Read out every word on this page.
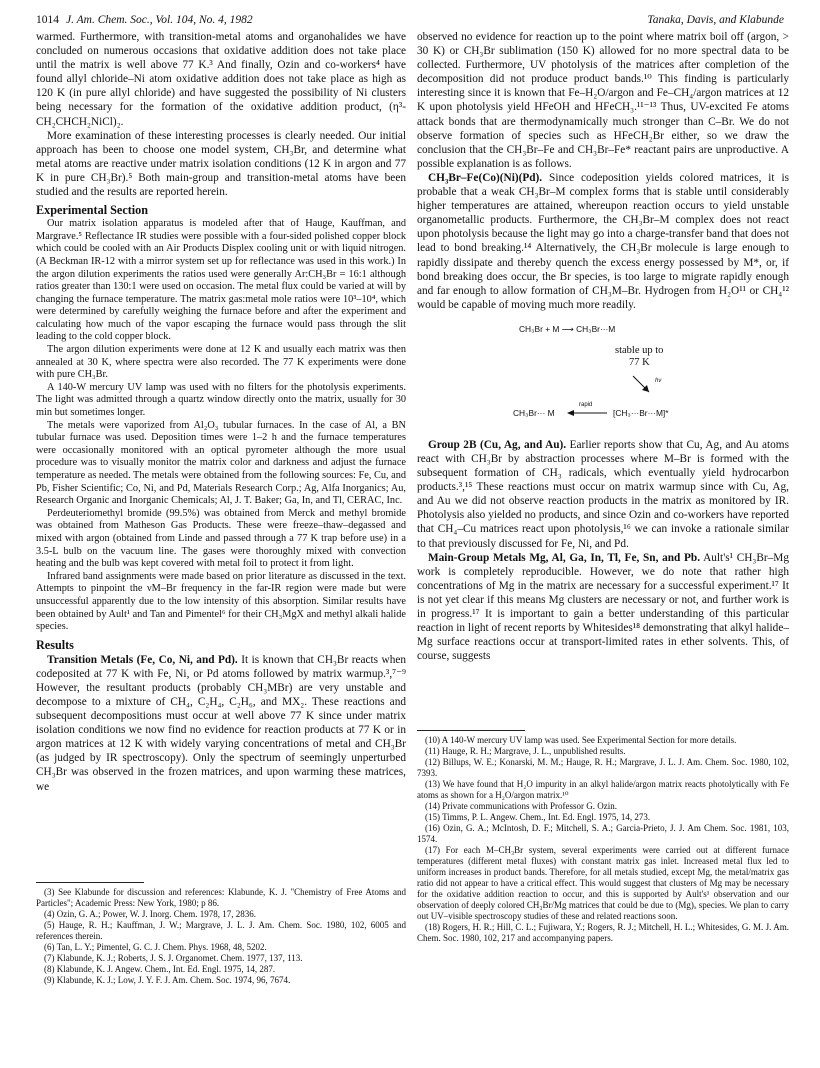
1014 J. Am. Chem. Soc., Vol. 104, No. 4, 1982	Tanaka, Davis, and Klabunde

warmed. Furthermore, with transition-metal atoms and organohalides we have concluded on numerous occasions that oxidative addition does not take place until the matrix is well above 77 K.³ And finally, Ozin and co-workers⁴ have found allyl chloride–Ni atom oxidative addition does not take place as high as 120 K (in pure allyl chloride) and have suggested the possibility of Ni clusters being necessary for the formation of the oxidative addition product, (η³-CH₂CHCH₂NiCl)₂.

More examination of these interesting processes is clearly needed. Our initial approach has been to choose one model system, CH₃Br, and determine what metal atoms are reactive under matrix isolation conditions (12 K in argon and 77 K in pure CH₃Br).⁵ Both main-group and transition-metal atoms have been studied and the results are reported herein.

Experimental Section

Our matrix isolation apparatus is modeled after that of Hauge, Kauffman, and Margrave.⁵ Reflectance IR studies were possible with a four-sided polished copper block which could be cooled with an Air Products Displex cooling unit or with liquid nitrogen. (A Beckman IR-12 with a mirror system set up for reflectance was used in this work.) In the argon dilution experiments the ratios used were generally Ar:CH₃Br = 16:1 although ratios greater than 130:1 were used on occasion. The metal flux could be varied at will by changing the furnace temperature. The matrix gas:metal mole ratios were 10³–10⁴, which were determined by carefully weighing the furnace before and after the experiment and calculating how much of the vapor escaping the furnace would pass through the slit leading to the cold copper block.

The argon dilution experiments were done at 12 K and usually each matrix was then annealed at 30 K, where spectra were also recorded. The 77 K experiments were done with pure CH₃Br.

A 140-W mercury UV lamp was used with no filters for the photolysis experiments. The light was admitted through a quartz window directly onto the matrix, usually for 30 min but sometimes longer.

The metals were vaporized from Al₂O₃ tubular furnaces. In the case of Al, a BN tubular furnace was used. Deposition times were 1–2 h and the furnace temperatures were occasionally monitored with an optical pyrometer although the more usual procedure was to visually monitor the matrix color and darkness and adjust the furnace temperature as needed. The metals were obtained from the following sources: Fe, Cu, and Pb, Fisher Scientific; Co, Ni, and Pd, Materials Research Corp.; Ag, Alfa Inorganics; Au, Research Organic and Inorganic Chemicals; Al, J. T. Baker; Ga, In, and Tl, CERAC, Inc.

Perdeuteriomethyl bromide (99.5%) was obtained from Merck and methyl bromide was obtained from Matheson Gas Products. These were freeze–thaw–degassed and mixed with argon (obtained from Linde and passed through a 77 K trap before use) in a 3.5-L bulb on the vacuum line. The gases were thoroughly mixed with convection heating and the bulb was kept covered with metal foil to protect it from light.

Infrared band assignments were made based on prior literature as discussed in the text. Attempts to pinpoint the νM–Br frequency in the far-IR region were made but were unsuccessful apparently due to the low intensity of this absorption. Similar results have been obtained by Ault¹ and Tan and Pimentel⁶ for their CH₃MgX and methyl alkali halide species.

Results

Transition Metals (Fe, Co, Ni, and Pd). It is known that CH₃Br reacts when codeposited at 77 K with Fe, Ni, or Pd atoms followed by matrix warmup.³,⁷⁻⁹ However, the resultant products (probably CH₃MBr) are very unstable and decompose to a mixture of CH₄, C₂H₄, C₂H₆, and MX₂. These reactions and subsequent decompositions must occur at well above 77 K since under matrix isolation conditions we now find no evidence for reaction products at 77 K or in argon matrices at 12 K with widely varying concentrations of metal and CH₃Br (as judged by IR spectroscopy). Only the spectrum of seemingly unperturbed CH₃Br was observed in the frozen matrices, and upon warming these matrices, we

(3) See Klabunde for discussion and references: Klabunde, K. J. "Chemistry of Free Atoms and Particles"; Academic Press: New York, 1980; p 86.

(4) Ozin, G. A.; Power, W. J. Inorg. Chem. 1978, 17, 2836.

(5) Hauge, R. H.; Kauffman, J. W.; Margrave, J. L. J. Am. Chem. Soc. 1980, 102, 6005 and references therein.

(6) Tan, L. Y.; Pimentel, G. C. J. Chem. Phys. 1968, 48, 5202.

(7) Klabunde, K. J.; Roberts, J. S. J. Organomet. Chem. 1977, 137, 113.

(8) Klabunde, K. J. Angew. Chem., Int. Ed. Engl. 1975, 14, 287.

(9) Klabunde, K. J.; Low, J. Y. F. J. Am. Chem. Soc. 1974, 96, 7674.

observed no evidence for reaction up to the point where matrix boil off (argon, > 30 K) or CH₃Br sublimation (150 K) allowed for no more spectral data to be collected. Furthermore, UV photolysis of the matrices after completion of the decomposition did not produce product bands.¹⁰ This finding is particularly interesting since it is known that Fe–H₂O/argon and Fe–CH₄/argon matrices at 12 K upon photolysis yield HFeOH and HFeCH₃.¹¹⁻¹³ Thus, UV-excited Fe atoms attack bonds that are thermodynamically much stronger than C–Br. We do not observe formation of species such as HFeCH₂Br either, so we draw the conclusion that the CH₃Br–Fe and CH₃Br–Fe* reactant pairs are unproductive. A possible explanation is as follows.

CH₃Br–Fe(Co)(Ni)(Pd). Since codeposition yields colored matrices, it is probable that a weak CH₃Br–M complex forms that is stable until considerably higher temperatures are attained, whereupon reaction occurs to yield unstable organometallic products. Furthermore, the CH₃Br–M complex does not react upon photolysis because the light may go into a charge-transfer band that does not lead to bond breaking.¹⁴ Alternatively, the CH₃Br molecule is large enough to rapidly dissipate and thereby quench the excess energy possessed by M*, or, if bond breaking does occur, the Br species, is too large to migrate rapidly enough and far enough to allow formation of CH₃M–Br. Hydrogen from H₂O¹¹ or CH₄¹² would be capable of moving much more readily.

CH₃Br + M ⟶ CH₃Br···M
stable up to
77 K
hν
CH₃Br··· M
rapid
[CH₃···Br···M]*

Group 2B (Cu, Ag, and Au). Earlier reports show that Cu, Ag, and Au atoms react with CH₃Br by abstraction processes where M–Br is formed with the subsequent formation of CH₃ radicals, which eventually yield hydrocarbon products.³,¹⁵ These reactions must occur on matrix warmup since with Cu, Ag, and Au we did not observe reaction products in the matrix as monitored by IR. Photolysis also yielded no products, and since Ozin and co-workers have reported that CH₄–Cu matrices react upon photolysis,¹⁶ we can invoke a rationale similar to that previously discussed for Fe, Ni, and Pd.

Main-Group Metals Mg, Al, Ga, In, Tl, Fe, Sn, and Pb. Ault's¹ CH₃Br–Mg work is completely reproducible. However, we do note that rather high concentrations of Mg in the matrix are necessary for a successful experiment.¹⁷ It is not yet clear if this means Mg clusters are necessary or not, and further work is in progress.¹⁷ It is important to gain a better understanding of this particular reaction in light of recent reports by Whitesides¹⁸ demonstrating that alkyl halide–Mg surface reactions occur at transport-limited rates in ether solvents. This, of course, suggests

(10) A 140-W mercury UV lamp was used. See Experimental Section for more details.

(11) Hauge, R. H.; Margrave, J. L., unpublished results.

(12) Billups, W. E.; Konarski, M. M.; Hauge, R. H.; Margrave, J. L. J. Am. Chem. Soc. 1980, 102, 7393.

(13) We have found that H₂O impurity in an alkyl halide/argon matrix reacts photolytically with Fe atoms as shown for a H₂O/argon matrix.¹⁰

(14) Private communications with Professor G. Ozin.

(15) Timms, P. L. Angew. Chem., Int. Ed. Engl. 1975, 14, 273.

(16) Ozin, G. A.; McIntosh, D. F.; Mitchell, S. A.; Garcia-Prieto, J. J. Am Chem. Soc. 1981, 103, 1574.

(17) For each M–CH₃Br system, several experiments were carried out at different furnace temperatures (different metal fluxes) with constant matrix gas inlet. Increased metal flux led to uniform increases in product bands. Therefore, for all metals studied, except Mg, the metal/matrix gas ratio did not appear to have a critical effect. This would suggest that clusters of Mg may be necessary for the oxidative addition reaction to occur, and this is supported by Ault's¹ observation and our observation of deeply colored CH₃Br/Mg matrices that could be due to (Mg)ₓ species. We plan to carry out UV–visible spectroscopy studies of these and related reactions soon.

(18) Rogers, H. R.; Hill, C. L.; Fujiwara, Y.; Rogers, R. J.; Mitchell, H. L.; Whitesides, G. M. J. Am. Chem. Soc. 1980, 102, 217 and accompanying papers.
